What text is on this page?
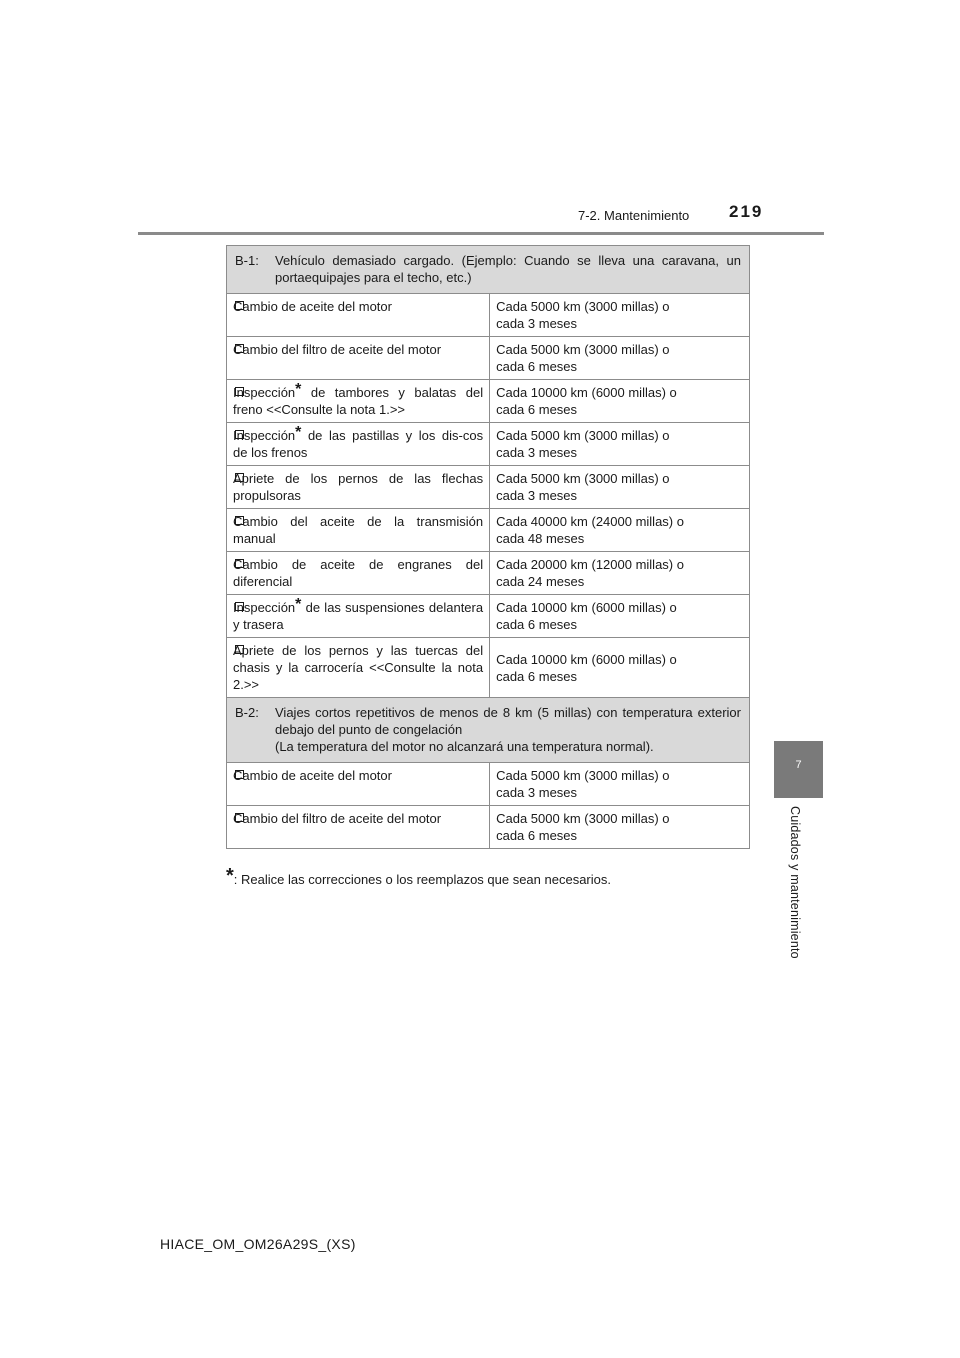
7-2. Mantenimiento 219
7
Cuidados y mantenimiento
B-1: Vehículo demasiado cargado. (Ejemplo: Cuando se lleva una caravana, un portaequipajes para el techo, etc.)	

Cambio de aceite del motor	Cada 5000 km (3000 millas) o
cada 3 meses

Cambio del filtro de aceite del motor	Cada 5000 km (3000 millas) o
cada 6 meses

Inspección* de tambores y balatas del freno <<Consulte la nota 1.>>	Cada 10000 km (6000 millas) o
cada 6 meses

Inspección* de las pastillas y los dis-cos de los frenos	Cada 5000 km (3000 millas) o
cada 3 meses

Apriete de los pernos de las flechas propulsoras	Cada 5000 km (3000 millas) o
cada 3 meses

Cambio del aceite de la transmisión manual	Cada 40000 km (24000 millas) o
cada 48 meses

Cambio de aceite de engranes del diferencial	Cada 20000 km (12000 millas) o
cada 24 meses

Inspección* de las suspensiones delantera y trasera	Cada 10000 km (6000 millas) o
cada 6 meses

Apriete de los pernos y las tuercas del chasis y la carrocería <<Consulte la nota 2.>>	Cada 10000 km (6000 millas) o
cada 6 meses

B-2: Viajes cortos repetitivos de menos de 8 km (5 millas) con temperatura exterior debajo del punto de congelación
(La temperatura del motor no alcanzará una temperatura normal).	

Cambio de aceite del motor	Cada 5000 km (3000 millas) o
cada 3 meses

Cambio del filtro de aceite del motor	Cada 5000 km (3000 millas) o
cada 6 meses
*: Realice las correcciones o los reemplazos que sean necesarios.
HIACE_OM_OM26A29S_(XS)
